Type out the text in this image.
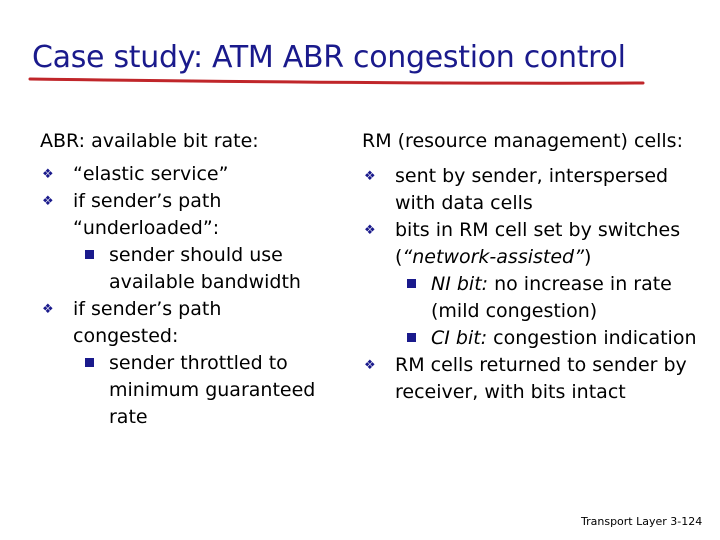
Case study: ATM ABR congestion control

ABR: available bit rate:

❖ “elastic service”
❖ if sender’s path “underloaded”:
sender should use available bandwidth
❖ if sender’s path congested:
sender throttled to minimum guaranteed rate

RM (resource management) cells:

❖ sent by sender, interspersed with data cells
❖ bits in RM cell set by switches (“network-assisted”)
NI bit: no increase in rate (mild congestion)
CI bit: congestion indication
❖ RM cells returned to sender by receiver, with bits intact
Transport Layer 3-124
